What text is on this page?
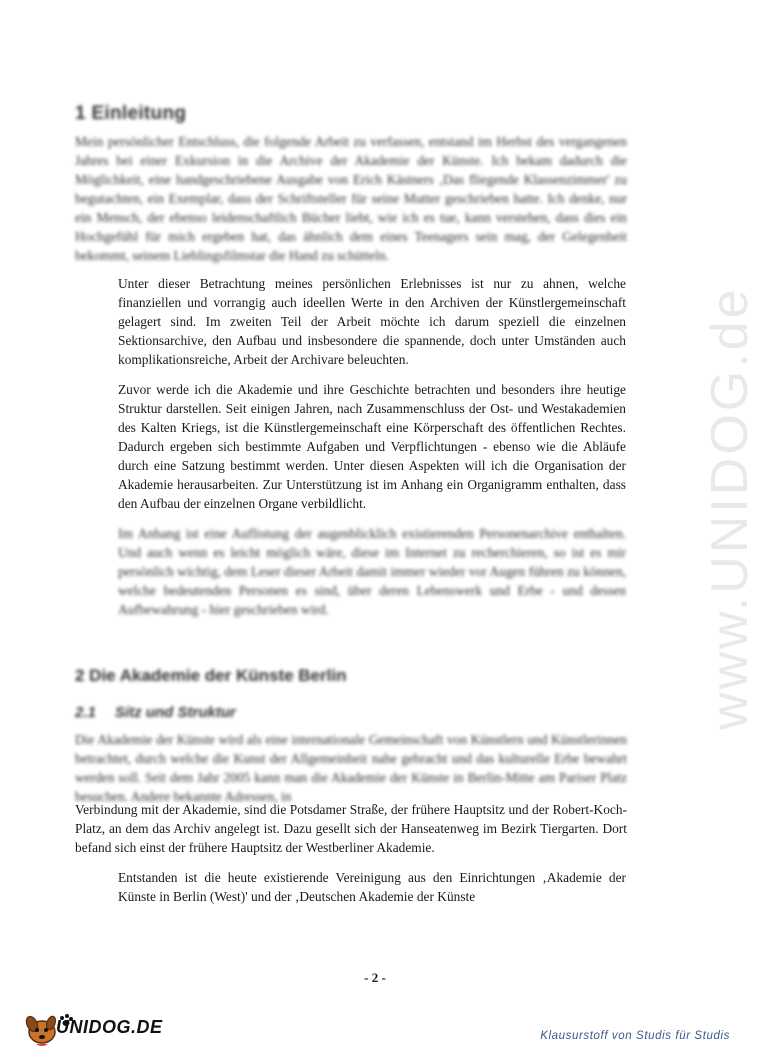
www.UNIDOG.de
1 Einleitung

Mein persönlicher Entschluss, die folgende Arbeit zu verfassen, entstand im Herbst des vergangenen Jahres bei einer Exkursion in die Archive der Akademie der Künste. Ich bekam dadurch die Möglichkeit, eine handgeschriebene Ausgabe von Erich Kästners ‚Das fliegende Klassenzimmer' zu begutachten, ein Exemplar, dass der Schriftsteller für seine Mutter geschrieben hatte. Ich denke, nur ein Mensch, der ebenso leidenschaftlich Bücher liebt, wie ich es tue, kann verstehen, dass dies ein Hochgefühl für mich ergeben hat, das ähnlich dem eines Teenagers sein mag, der Gelegenheit bekommt, seinem Lieblingsfilmstar die Hand zu schütteln.

Unter dieser Betrachtung meines persönlichen Erlebnisses ist nur zu ahnen, welche finanziellen und vorrangig auch ideellen Werte in den Archiven der Künstlergemeinschaft gelagert sind. Im zweiten Teil der Arbeit möchte ich darum speziell die einzelnen Sektionsarchive, den Aufbau und insbesondere die spannende, doch unter Umständen auch komplikationsreiche, Arbeit der Archivare beleuchten.

Zuvor werde ich die Akademie und ihre Geschichte betrachten und besonders ihre heutige Struktur darstellen. Seit einigen Jahren, nach Zusammenschluss der Ost- und Westakademien des Kalten Kriegs, ist die Künstlergemeinschaft eine Körperschaft des öffentlichen Rechtes. Dadurch ergeben sich bestimmte Aufgaben und Verpflichtungen - ebenso wie die Abläufe durch eine Satzung bestimmt werden. Unter diesen Aspekten will ich die Organisation der Akademie herausarbeiten. Zur Unterstützung ist im Anhang ein Organigramm enthalten, dass den Aufbau der einzelnen Organe verbildlicht.

Im Anhang ist eine Auflistung der augenblicklich existierenden Personenarchive enthalten. Und auch wenn es leicht möglich wäre, diese im Internet zu recherchieren, so ist es mir persönlich wichtig, dem Leser dieser Arbeit damit immer wieder vor Augen führen zu können, welche bedeutenden Personen es sind, über deren Lebenswerk und Erbe - und dessen Aufbewahrung - hier geschrieben wird.

2 Die Akademie der Künste Berlin
2.1 Sitz und Struktur

Die Akademie der Künste wird als eine internationale Gemeinschaft von Künstlern und Künstlerinnen betrachtet, durch welche die Kunst der Allgemeinheit nahe gebracht und das kulturelle Erbe bewahrt werden soll. Seit dem Jahr 2005 kann man die Akademie der Künste in Berlin-Mitte am Pariser Platz besuchen. Andere bekannte Adressen, in

Verbindung mit der Akademie, sind die Potsdamer Straße, der frühere Hauptsitz und der Robert-Koch-Platz, an dem das Archiv angelegt ist. Dazu gesellt sich der Hanseatenweg im Bezirk Tiergarten. Dort befand sich einst der frühere Hauptsitz der Westberliner Akademie.

Entstanden ist die heute existierende Vereinigung aus den Einrichtungen ‚Akademie der Künste in Berlin (West)' und der ‚Deutschen Akademie der Künste

- 2 -
UNIDOG.DE	Klausurstoff von Studis für Studis
